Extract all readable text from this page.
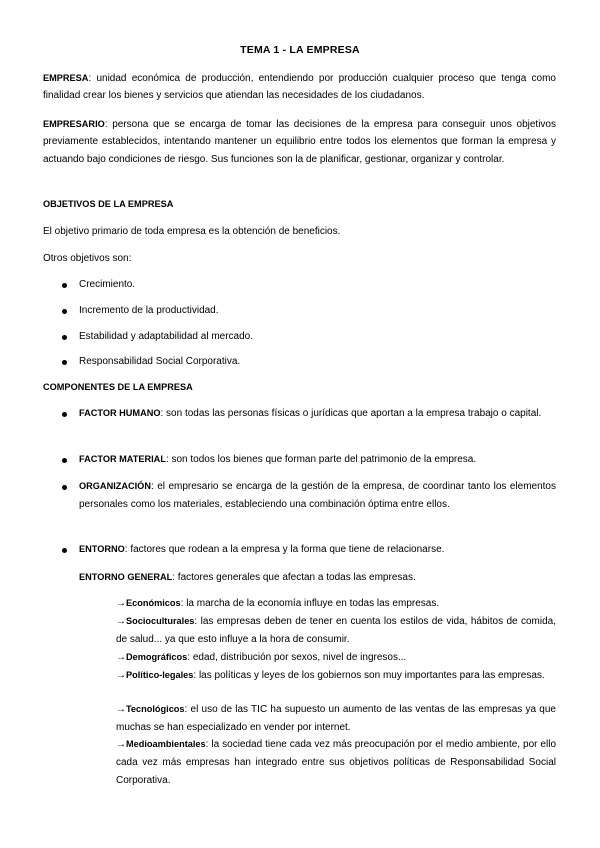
TEMA 1 - LA EMPRESA
EMPRESA: unidad económica de producción, entendiendo por producción cualquier proceso que tenga como finalidad crear los bienes y servicios que atiendan las necesidades de los ciudadanos.
EMPRESARIO: persona que se encarga de tomar las decisiones de la empresa para conseguir unos objetivos previamente establecidos, intentando mantener un equilibrio entre todos los elementos que forman la empresa y actuando bajo condiciones de riesgo. Sus funciones son la de planificar, gestionar, organizar y controlar.
OBJETIVOS DE LA EMPRESA
El objetivo primario de toda empresa es la obtención de beneficios.
Otros objetivos son:
Crecimiento.
Incremento de la productividad.
Estabilidad y adaptabilidad al mercado.
Responsabilidad Social Corporativa.
COMPONENTES DE LA EMPRESA
FACTOR HUMANO: son todas las personas físicas o jurídicas que aportan a la empresa trabajo o capital.
FACTOR MATERIAL: son todos los bienes que forman parte del patrimonio de la empresa.
ORGANIZACIÓN: el empresario se encarga de la gestión de la empresa, de coordinar tanto los elementos personales como los materiales, estableciendo una combinación óptima entre ellos.
ENTORNO: factores que rodean a la empresa y la forma que tiene de relacionarse.
ENTORNO GENERAL: factores generales que afectan a todas las empresas.
→Económicos: la marcha de la economía influye en todas las empresas.
→Socioculturales: las empresas deben de tener en cuenta los estilos de vida, hábitos de comida, de salud... ya que esto influye a la hora de consumir.
→Demográficos: edad, distribución por sexos, nivel de ingresos...
→Político-legales: las políticas y leyes de los gobiernos son muy importantes para las empresas.
→Tecnológicos: el uso de las TIC ha supuesto un aumento de las ventas de las empresas ya que muchas se han especializado en vender por internet.
→Medioambientales: la sociedad tiene cada vez más preocupación por el medio ambiente, por ello cada vez más empresas han integrado entre sus objetivos políticas de Responsabilidad Social Corporativa.
